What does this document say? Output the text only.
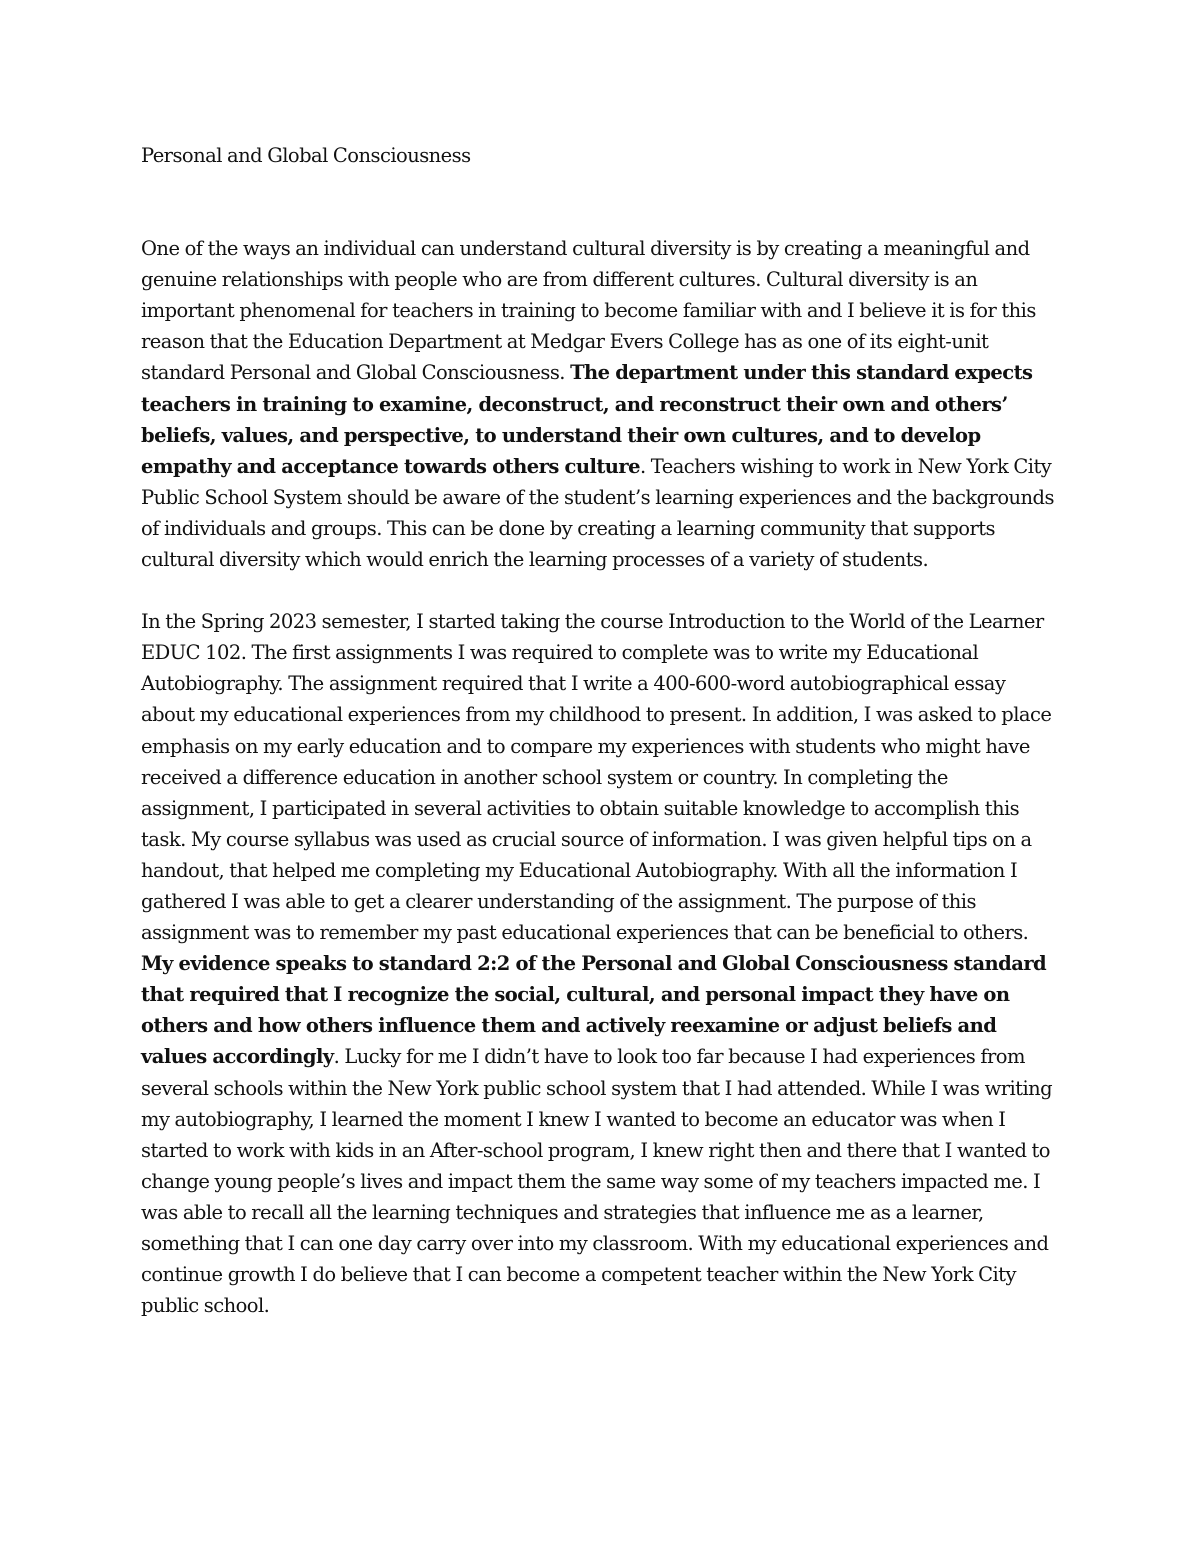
Personal and Global Consciousness

One of the ways an individual can understand cultural diversity is by creating a meaningful and genuine relationships with people who are from different cultures. Cultural diversity is an important phenomenal for teachers in training to become familiar with and I believe it is for this reason that the Education Department at Medgar Evers College has as one of its eight-unit standard Personal and Global Consciousness. The department under this standard expects teachers in training to examine, deconstruct, and reconstruct their own and others’ beliefs, values, and perspective, to understand their own cultures, and to develop empathy and acceptance towards others culture. Teachers wishing to work in New York City Public School System should be aware of the student’s learning experiences and the backgrounds of individuals and groups. This can be done by creating a learning community that supports cultural diversity which would enrich the learning processes of a variety of students.

In the Spring 2023 semester, I started taking the course Introduction to the World of the Learner EDUC 102. The first assignments I was required to complete was to write my Educational Autobiography. The assignment required that I write a 400-600-word autobiographical essay about my educational experiences from my childhood to present. In addition, I was asked to place emphasis on my early education and to compare my experiences with students who might have received a difference education in another school system or country. In completing the assignment, I participated in several activities to obtain suitable knowledge to accomplish this task. My course syllabus was used as crucial source of information. I was given helpful tips on a handout, that helped me completing my Educational Autobiography. With all the information I gathered I was able to get a clearer understanding of the assignment. The purpose of this assignment was to remember my past educational experiences that can be beneficial to others. My evidence speaks to standard 2:2 of the Personal and Global Consciousness standard that required that I recognize the social, cultural, and personal impact they have on others and how others influence them and actively reexamine or adjust beliefs and values accordingly. Lucky for me I didn’t have to look too far because I had experiences from several schools within the New York public school system that I had attended. While I was writing my autobiography, I learned the moment I knew I wanted to become an educator was when I started to work with kids in an After-school program, I knew right then and there that I wanted to change young people’s lives and impact them the same way some of my teachers impacted me. I was able to recall all the learning techniques and strategies that influence me as a learner, something that I can one day carry over into my classroom. With my educational experiences and continue growth I do believe that I can become a competent teacher within the New York City public school.
